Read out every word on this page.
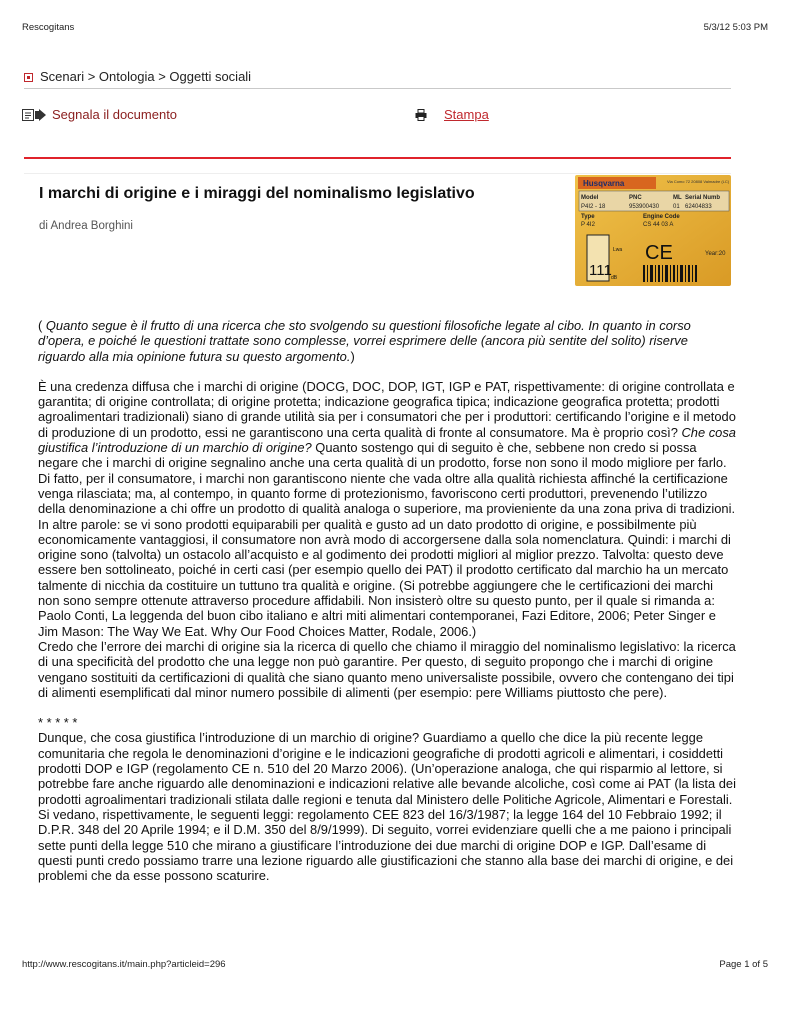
Rescogitans	5/3/12 5:03 PM
Scenari > Ontologia > Oggetti sociali
Segnala il documento	Stampa
I marchi di origine e i miraggi del nominalismo legislativo
di Andrea Borghini
Husqvarna	Via Como 72 20808 Valmadre (LC)
Model	PNC	ML Serial Numb
P4I2 - 18	953900430 01 62404833
Type	Engine Code
P 4I2	CS 44 03 A
111
Lwa
dB
CE	Year:20

( Quanto segue è il frutto di una ricerca che sto svolgendo su questioni filosofiche legate al cibo. In quanto in corso d’opera, e poiché le questioni trattate sono complesse, vorrei esprimere delle (ancora più sentite del solito) riserve riguardo alla mia opinione futura su questo argomento.)

È una credenza diffusa che i marchi di origine (DOCG, DOC, DOP, IGT, IGP e PAT, rispettivamente: di origine controllata e garantita; di origine controllata; di origine protetta; indicazione geografica tipica; indicazione geografica protetta; prodotti agroalimentari tradizionali) siano di grande utilità sia per i consumatori che per i produttori: certificando l’origine e il metodo di produzione di un prodotto, essi ne garantiscono una certa qualità di fronte al consumatore. Ma è proprio così? Che cosa giustifica l’introduzione di un marchio di origine? Quanto sostengo qui di seguito è che, sebbene non credo si possa negare che i marchi di origine segnalino anche una certa qualità di un prodotto, forse non sono il modo migliore per farlo.

Di fatto, per il consumatore, i marchi non garantiscono niente che vada oltre alla qualità richiesta affinché la certificazione venga rilasciata; ma, al contempo, in quanto forme di protezionismo, favoriscono certi produttori, prevenendo l’utilizzo della denominazione a chi offre un prodotto di qualità analoga o superiore, ma provieniente da una zona priva di tradizioni. In altre parole: se vi sono prodotti equiparabili per qualità e gusto ad un dato prodotto di origine, e possibilmente più economicamente vantaggiosi, il consumatore non avrà modo di accorgersene dalla sola nomenclatura. Quindi: i marchi di origine sono (talvolta) un ostacolo all’acquisto e al godimento dei prodotti migliori al miglior prezzo. Talvolta: questo deve essere ben sottolineato, poiché in certi casi (per esempio quello dei PAT) il prodotto certificato dal marchio ha un mercato talmente di nicchia da costituire un tuttuno tra qualità e origine. (Si potrebbe aggiungere che le certificazioni dei marchi non sono sempre ottenute attraverso procedure affidabili. Non insisterò oltre su questo punto, per il quale si rimanda a: Paolo Conti, La leggenda del buon cibo italiano e altri miti alimentari contemporanei, Fazi Editore, 2006; Peter Singer e Jim Mason: The Way We Eat. Why Our Food Choices Matter, Rodale, 2006.)

Credo che l’errore dei marchi di origine sia la ricerca di quello che chiamo il miraggio del nominalismo legislativo: la ricerca di una specificità del prodotto che una legge non può garantire. Per questo, di seguito propongo che i marchi di origine vengano sostituiti da certificazioni di qualità che siano quanto meno universaliste possibile, ovvero che contengano dei tipi di alimenti esemplificati dal minor numero possibile di alimenti (per esempio: pere Williams piuttosto che pere).

* * * * *

Dunque, che cosa giustifica l’introduzione di un marchio di origine? Guardiamo a quello che dice la più recente legge comunitaria che regola le denominazioni d’origine e le indicazioni geografiche di prodotti agricoli e alimentari, i cosiddetti prodotti DOP e IGP (regolamento CE n. 510 del 20 Marzo 2006). (Un’operazione analoga, che qui risparmio al lettore, si potrebbe fare anche riguardo alle denominazioni e indicazioni relative alle bevande alcoliche, così come ai PAT (la lista dei prodotti agroalimentari tradizionali stilata dalle regioni e tenuta dal Ministero delle Politiche Agricole, Alimentari e Forestali. Si vedano, rispettivamente, le seguenti leggi: regolamento CEE 823 del 16/3/1987; la legge 164 del 10 Febbraio 1992; il D.P.R. 348 del 20 Aprile 1994; e il D.M. 350 del 8/9/1999). Di seguito, vorrei evidenziare quelli che a me paiono i principali sette punti della legge 510 che mirano a giustificare l’introduzione dei due marchi di origine DOP e IGP. Dall’esame di questi punti credo possiamo trarre una lezione riguardo alle giustificazioni che stanno alla base dei marchi di origine, e dei problemi che da esse possono scaturire.

http://www.rescogitans.it/main.php?articleid=296	Page 1 of 5
